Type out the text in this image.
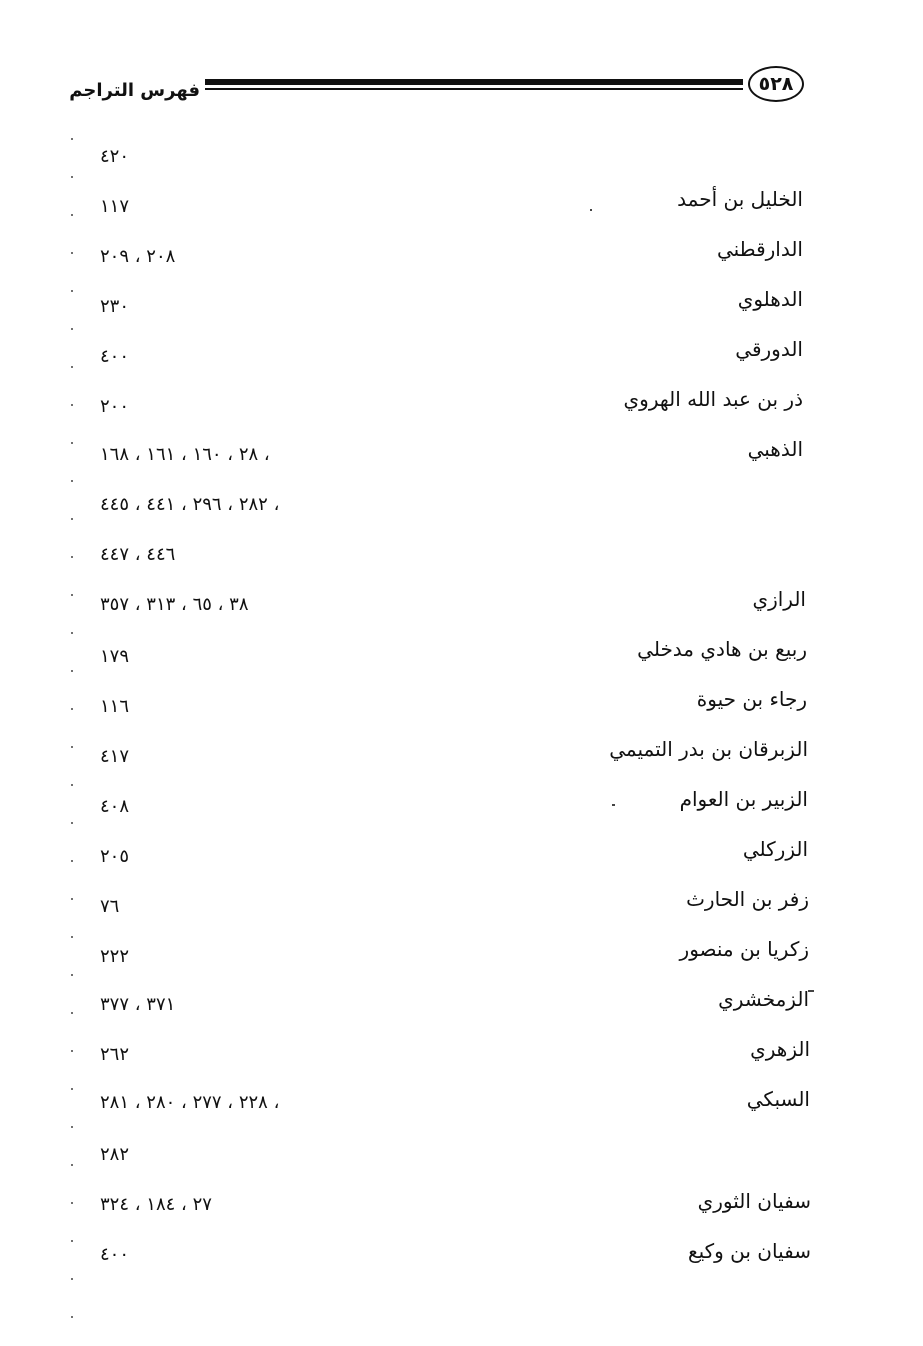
٥٢٨
فهرس التراجم
٤٢٠
الخليل بن أحمد
١١٧
الدارقطني
٢٠٨ ، ٢٠٩
الدهلوي
٢٣٠
الدورقي
٤٠٠
ذر بن عبد الله الهروي
٢٠٠
الذهبي
٢٨ ، ١٦٠ ، ١٦١ ، ١٦٨ ،
٢٨٢ ، ٢٩٦ ، ٤٤١ ، ٤٤٥ ،
٤٤٦ ، ٤٤٧
الرازي
٣٨ ، ٦٥ ، ٣١٣ ، ٣٥٧
ربيع بن هادي مدخلي
١٧٩
رجاء بن حيوة
١١٦
الزبرقان بن بدر التميمي
٤١٧
الزبير بن العوام
٤٠٨
الزركلي
٢٠٥
زفر بن الحارث
٧٦
زكريا بن منصور
٢٢٢
الزمخشري
٣٧١ ، ٣٧٧
الزهري
٢٦٢
السبكي
٢٢٨ ، ٢٧٧ ، ٢٨٠ ، ٢٨١ ،
٢٨٢
سفيان الثوري
٢٧ ، ١٨٤ ، ٣٢٤
سفيان بن وكيع
٤٠٠
